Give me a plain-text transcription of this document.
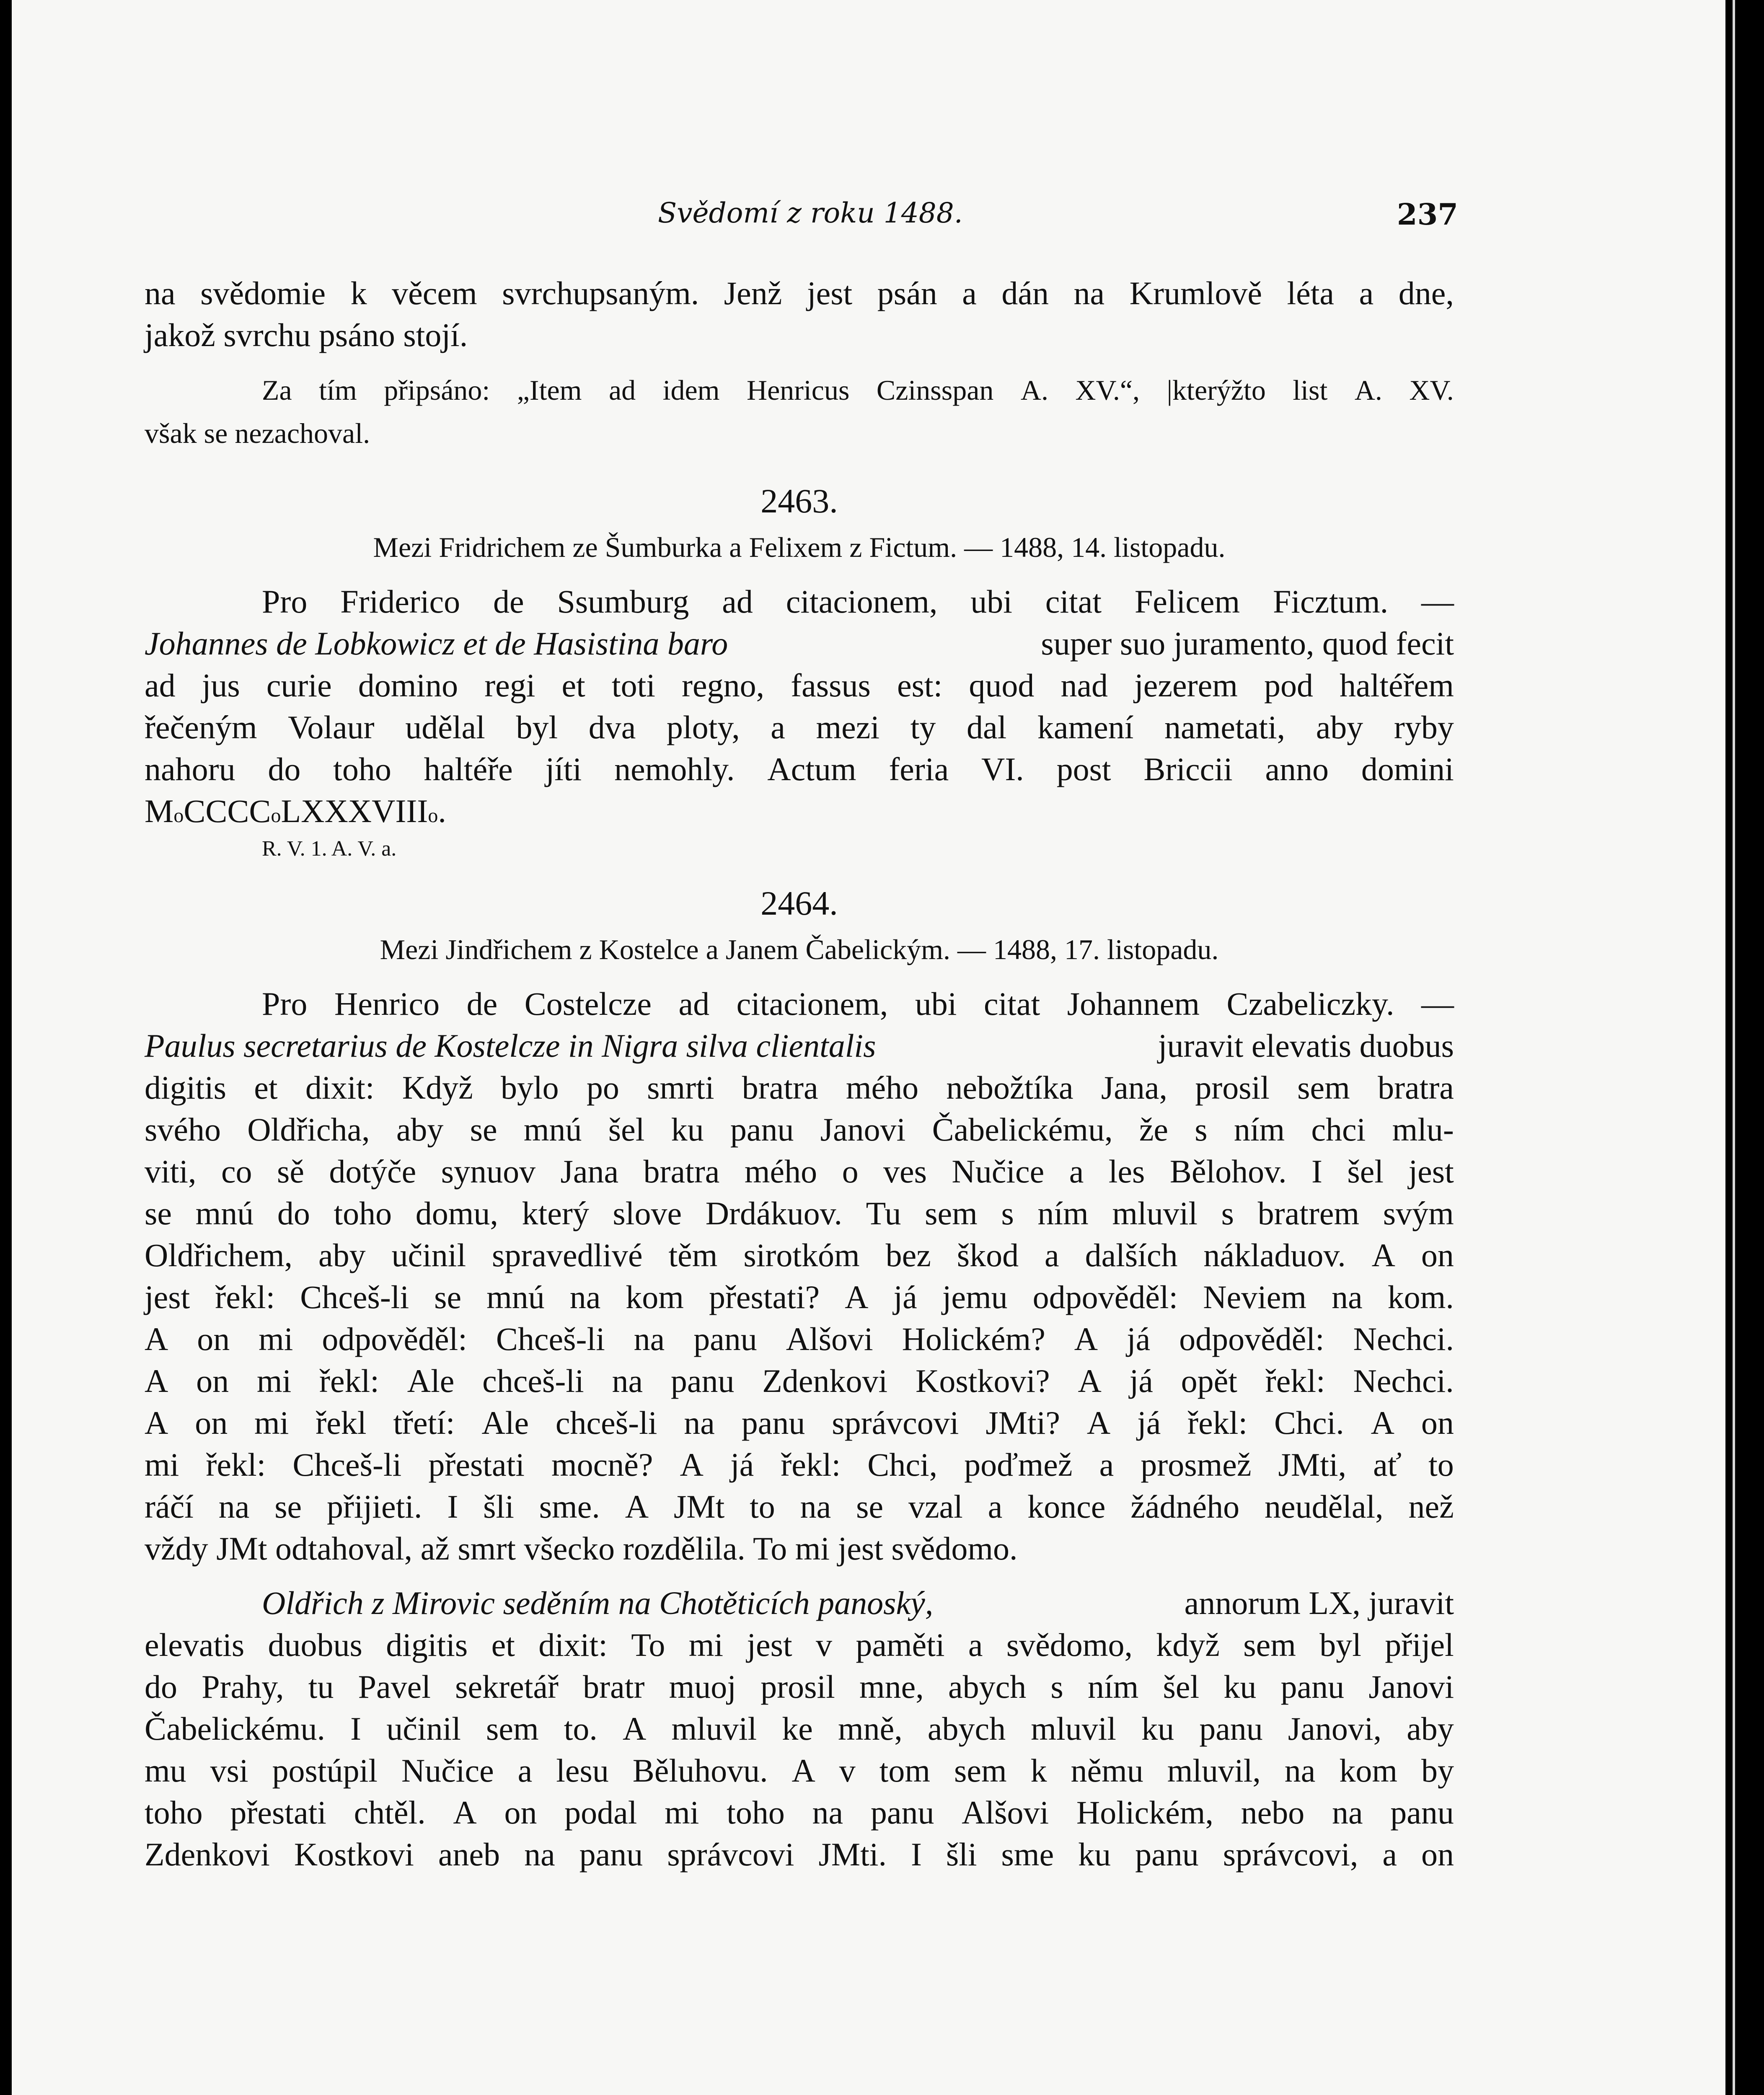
Svědomí z roku 1488.	237
na svědomie k věcem svrchupsaným. Jenž jest psán a dán na Krumlově léta a dne,
jakož svrchu psáno stojí.
Za tím připsáno: „Item ad idem Henricus Czinsspan A. XV.“, |kterýžto list A. XV.
však se nezachoval.
2463.
Mezi Fridrichem ze Šumburka a Felixem z Fictum. — 1488, 14. listopadu.
Pro Friderico de Ssumburg ad citacionem, ubi citat Felicem Ficztum. —
Johannes de Lobkowicz et de Hasistina baro	super suo juramento, quod fecit
ad jus curie domino regi et toti regno, fassus est: quod nad jezerem pod haltéřem
řečeným Volaur udělal byl dva ploty, a mezi ty dal kamení nametati, aby ryby
nahoru do toho haltéře jíti nemohly. Actum feria VI. post Briccii anno domini
M o CCCC o LXXXVIII o .
R. V. 1. A. V. a.
2464.
Mezi Jindřichem z Kostelce a Janem Čabelickým. — 1488, 17. listopadu.
Pro Henrico de Costelcze ad citacionem, ubi citat Johannem Czabeliczky. —
Paulus secretarius de Kostelcze in Nigra silva clientalis	juravit elevatis duobus
digitis et dixit: Když bylo po smrti bratra mého nebožtíka Jana, prosil sem bratra
svého Oldřicha, aby se mnú šel ku panu Janovi Čabelickému, že s ním chci mlu-
viti, co sě dotýče synuov Jana bratra mého o ves Nučice a les Bělohov. I šel jest
se mnú do toho domu, který slove Drdákuov. Tu sem s ním mluvil s bratrem svým
Oldřichem, aby učinil spravedlivé těm sirotkóm bez škod a dalších nákladuov. A on
jest řekl: Chceš-li se mnú na kom přestati? A já jemu odpověděl: Neviem na kom.
A on mi odpověděl: Chceš-li na panu Alšovi Holickém? A já odpověděl: Nechci.
A on mi řekl: Ale chceš-li na panu Zdenkovi Kostkovi? A já opět řekl: Nechci.
A on mi řekl třetí: Ale chceš-li na panu správcovi JMti? A já řekl: Chci. A on
mi řekl: Chceš-li přestati mocně? A já řekl: Chci, poďmež a prosmež JMti, ať to
ráčí na se přijieti. I šli sme. A JMt to na se vzal a konce žádného neudělal, než
vždy JMt odtahoval, až smrt všecko rozdělila. To mi jest svědomo.
Oldřich z Mirovic seděním na Chotěticích panoský,	annorum LX, juravit
elevatis duobus digitis et dixit: To mi jest v paměti a svědomo, když sem byl přijel
do Prahy, tu Pavel sekretář bratr muoj prosil mne, abych s ním šel ku panu Janovi
Čabelickému. I učinil sem to. A mluvil ke mně, abych mluvil ku panu Janovi, aby
mu vsi postúpil Nučice a lesu Běluhovu. A v tom sem k němu mluvil, na kom by
toho přestati chtěl. A on podal mi toho na panu Alšovi Holickém, nebo na panu
Zdenkovi Kostkovi aneb na panu správcovi JMti. I šli sme ku panu správcovi, a on
